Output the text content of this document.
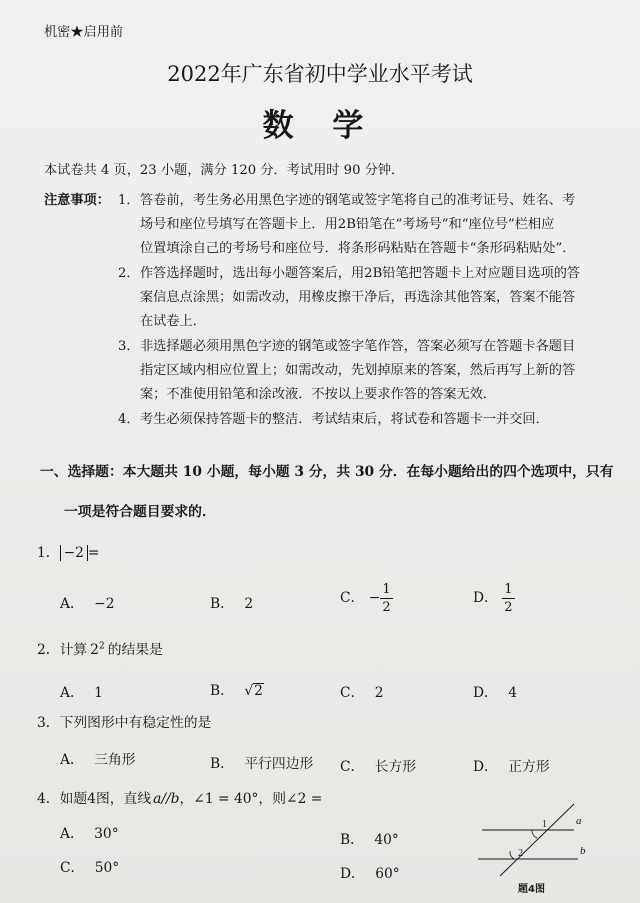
机密★启用前
2022年广东省初中学业水平考试
数 学
本试卷共 4 页，23 小题，满分 120 分．考试用时 90 分钟．
注意事项： 1． 答卷前，考生务必用黑色字迹的钢笔或签字笔将自己的准考证号、姓名、考
场号和座位号填写在答题卡上．用2B铅笔在“考场号”和“座位号”栏相应
位置填涂自己的考场号和座位号．将条形码粘贴在答题卡“条形码粘贴处”．
2． 作答选择题时，选出每小题答案后，用2B铅笔把答题卡上对应题目选项的答
案信息点涂黑；如需改动，用橡皮擦干净后，再选涂其他答案，答案不能答
在试卷上．
3． 非选择题必须用黑色字迹的钢笔或签字笔作答，答案必须写在答题卡各题目
指定区域内相应位置上；如需改动，先划掉原来的答案，然后再写上新的答
案；不准使用铅笔和涂改液．不按以上要求作答的答案无效．
4． 考生必须保持答题卡的整洁．考试结束后，将试卷和答题卡一并交回．
一、选择题：本大题共 10 小题，每小题 3 分，共 30 分．在每小题给出的四个选项中，只有
一项是符合题目要求的．
1． −2 =
A． −2	B． 2	C． − $\frac{1}{2}$	D． $\frac{1}{2}$
2．计算 $2^2$ 的结果是
A． 1	B． √ 2	C． 2	D． 4
3．下列图形中有稳定性的是
A． 三角形	B． 平行四边形 C． 长方形	D． 正方形
4．如题4图，直线 a//b，∠1 = 40°，则∠2 =
A． 30°	B． 40°
C． 50°	D． 60°
a
b
1
2
题4图
